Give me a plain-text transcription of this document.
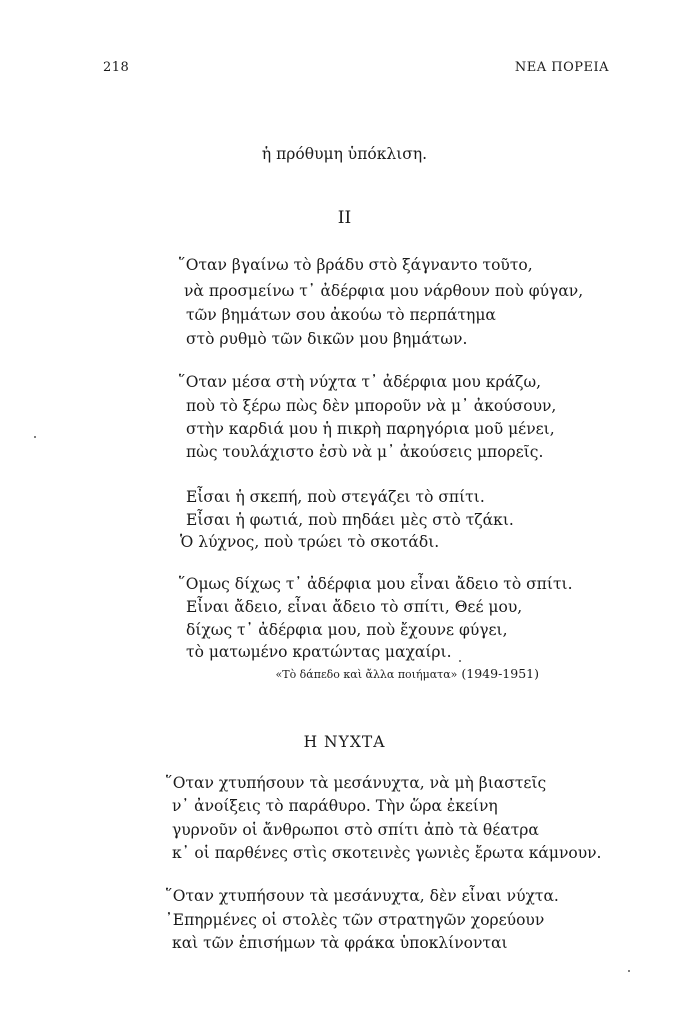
218	ΝΕΑ ΠΟΡΕΙΑ
ἡ πρόθυμη ὑπόκλιση.
II
῞Οταν βγαίνω τὸ βράδυ στὸ ξάγναντο τοῦτο,
νὰ προσμείνω τ᾿ ἀδέρφια μου νάρθουν ποὺ φύγαν,
τῶν βημάτων σου ἀκούω τὸ περπάτημα
στὸ ρυθμὸ τῶν δικῶν μου βημάτων.
῞Οταν μέσα στὴ νύχτα τ᾿ ἀδέρφια μου κράζω,
ποὺ τὸ ξέρω πὼς δὲν μποροῦν νὰ μ᾿ ἀκούσουν,
στὴν καρδιά μου ἡ πικρὴ παρηγόρια μοῦ μένει,
πὼς τουλάχιστο ἐσὺ νὰ μ᾿ ἀκούσεις μπορεῖς.
Εἶσαι ἡ σκεπή, ποὺ στεγάζει τὸ σπίτι.
Εἶσαι ἡ φωτιά, ποὺ πηδάει μὲς στὸ τζάκι.
Ὁ λύχνος, ποὺ τρώει τὸ σκοτάδι.
῞Ομως δίχως τ᾿ ἀδέρφια μου εἶναι ἄδειο τὸ σπίτι.
Εἶναι ἄδειο, εἶναι ἄδειο τὸ σπίτι, Θεέ μου,
δίχως τ᾿ ἀδέρφια μου, ποὺ ἔχουνε φύγει,
τὸ ματωμένο κρατώντας μαχαίρι.
«Τὸ δάπεδο καὶ ἄλλα ποιήματα» (1949-1951)
Η ΝΥΧΤΑ
῞Οταν χτυπήσουν τὰ μεσάνυχτα, νὰ μὴ βιαστεῖς
ν᾿ ἀνοίξεις τὸ παράθυρο. Τὴν ὥρα ἐκείνη
γυρνοῦν οἱ ἄνθρωποι στὸ σπίτι ἀπὸ τὰ θέατρα
κ᾿ οἱ παρθένες στὶς σκοτεινὲς γωνιὲς ἔρωτα κάμνουν.
῞Οταν χτυπήσουν τὰ μεσάνυχτα, δὲν εἶναι νύχτα.
᾿Επηρμένες οἱ στολὲς τῶν στρατηγῶν χορεύουν
καὶ τῶν ἐπισήμων τὰ φράκα ὑποκλίνονται
